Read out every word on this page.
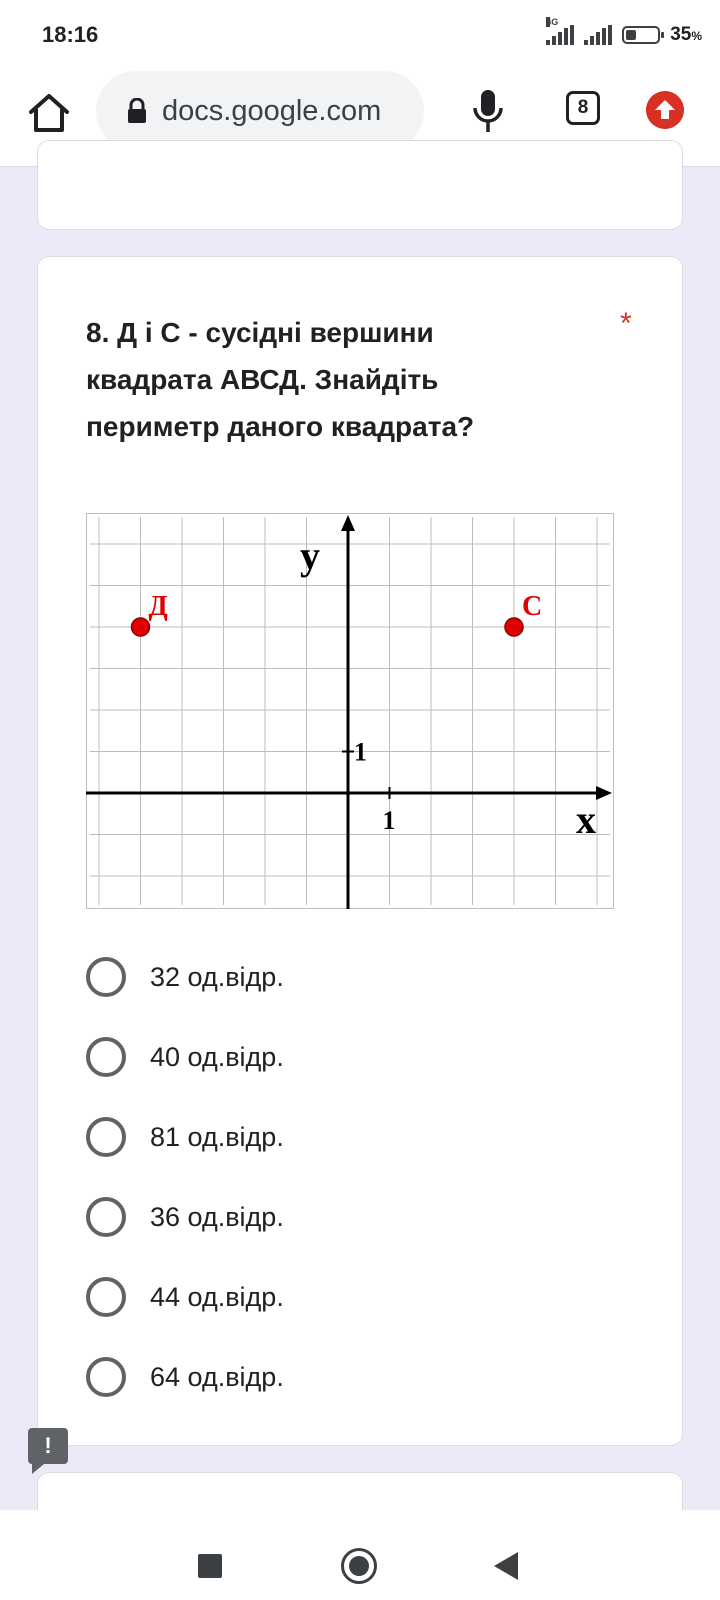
18:16	4G
35%
docs.google.com	8
8. Д і С - сусідні вершини квадрата АВСД. Знайдіть периметр даного квадрата?
*
y
x
1
1
Д	С
32 од.відр.
40 од.відр.
81 од.відр.
36 од.відр.
44 од.відр.
64 од.відр.
!
